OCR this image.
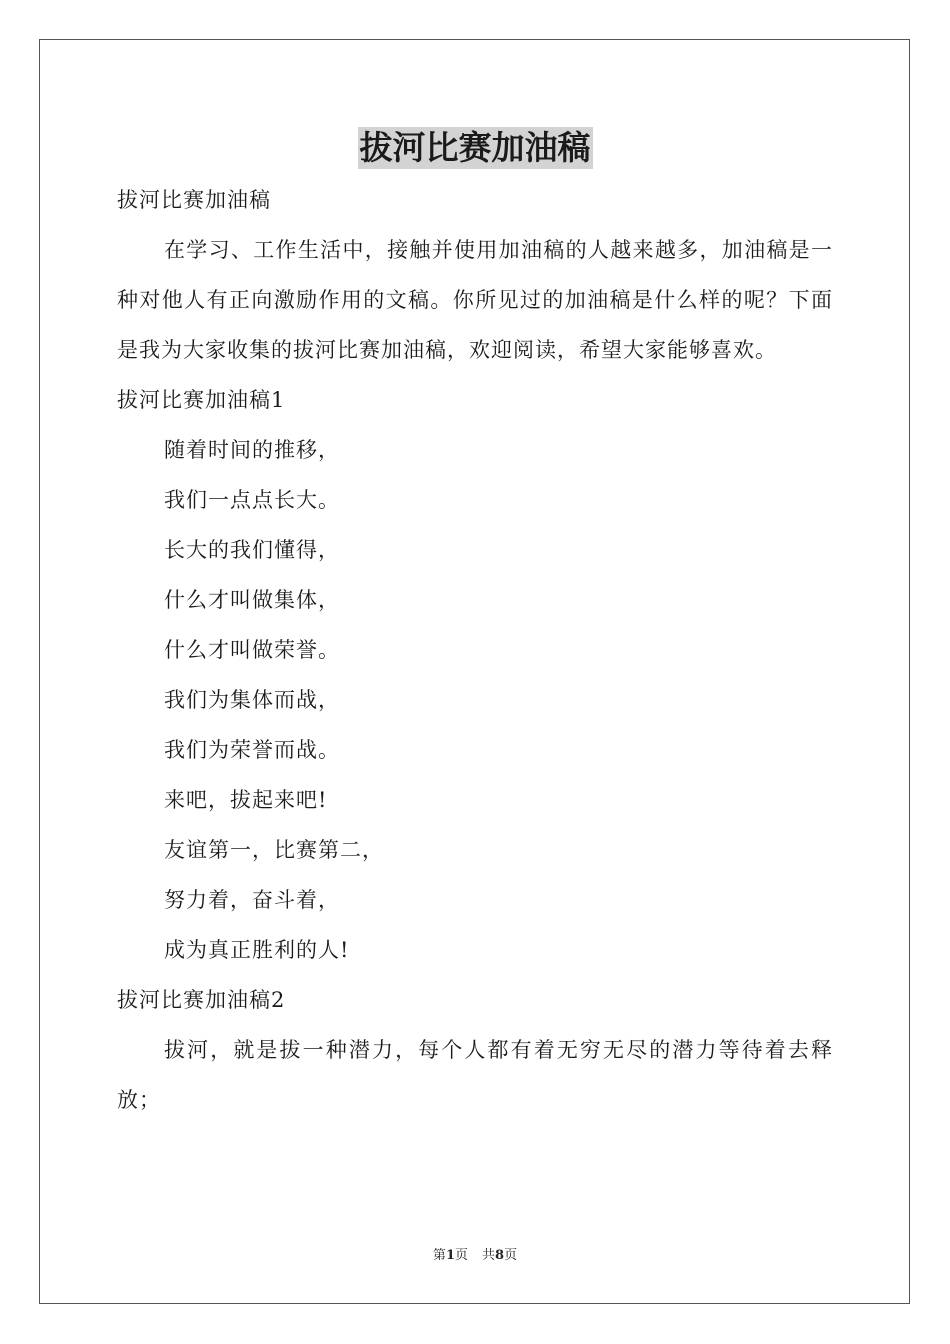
拔河比赛加油稿

拔河比赛加油稿

在学习、工作生活中，接触并使用加油稿的人越来越多，加油稿是一种对他人有正向激励作用的文稿。你所见过的加油稿是什么样的呢？下面是我为大家收集的拔河比赛加油稿，欢迎阅读，希望大家能够喜欢。

拔河比赛加油稿1

随着时间的推移，

我们一点点长大。

长大的我们懂得，

什么才叫做集体，

什么才叫做荣誉。

我们为集体而战，

我们为荣誉而战。

来吧，拔起来吧!

友谊第一，比赛第二，

努力着，奋斗着，

成为真正胜利的人!

拔河比赛加油稿2

拔河，就是拔一种潜力，每个人都有着无穷无尽的潜力等待着去释放；

第1页 共8页
